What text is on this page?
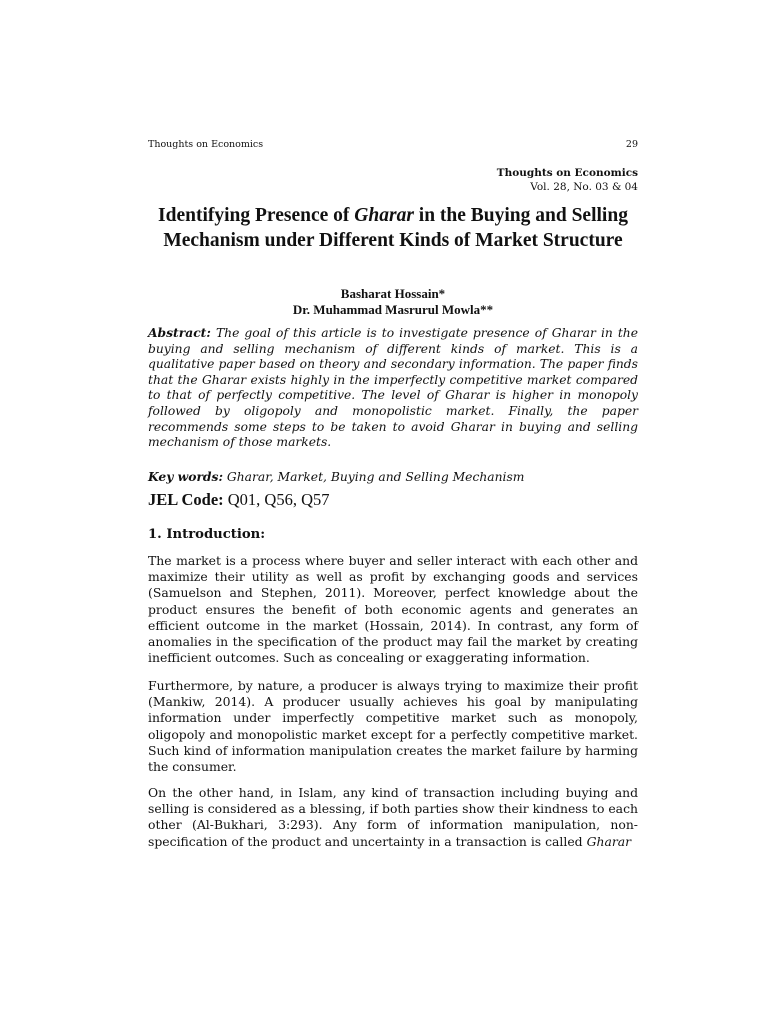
Thoughts on Economics	29
Thoughts on Economics
Vol. 28, No. 03 & 04
Identifying Presence of Gharar in the Buying and Selling Mechanism under Different Kinds of Market Structure
Basharat Hossain*
Dr. Muhammad Masrurul Mowla**
Abstract: The goal of this article is to investigate presence of Gharar in the buying and selling mechanism of different kinds of market. This is a qualitative paper based on theory and secondary information. The paper finds that the Gharar exists highly in the imperfectly competitive market compared to that of perfectly competitive. The level of Gharar is higher in monopoly followed by oligopoly and monopolistic market. Finally, the paper recommends some steps to be taken to avoid Gharar in buying and selling mechanism of those markets.
Key words: Gharar, Market, Buying and Selling Mechanism
JEL Code: Q01, Q56, Q57
1. Introduction:

The market is a process where buyer and seller interact with each other and maximize their utility as well as profit by exchanging goods and services (Samuelson and Stephen, 2011). Moreover, perfect knowledge about the product ensures the benefit of both economic agents and generates an efficient outcome in the market (Hossain, 2014). In contrast, any form of anomalies in the specification of the product may fail the market by creating inefficient outcomes. Such as concealing or exaggerating information.

Furthermore, by nature, a producer is always trying to maximize their profit (Mankiw, 2014). A producer usually achieves his goal by manipulating information under imperfectly competitive market such as monopoly, oligopoly and monopolistic market except for a perfectly competitive market. Such kind of information manipulation creates the market failure by harming the consumer.

On the other hand, in Islam, any kind of transaction including buying and selling is considered as a blessing, if both parties show their kindness to each other (Al-Bukhari, 3:293). Any form of information manipulation, non-specification of the product and uncertainty in a transaction is called Gharar
